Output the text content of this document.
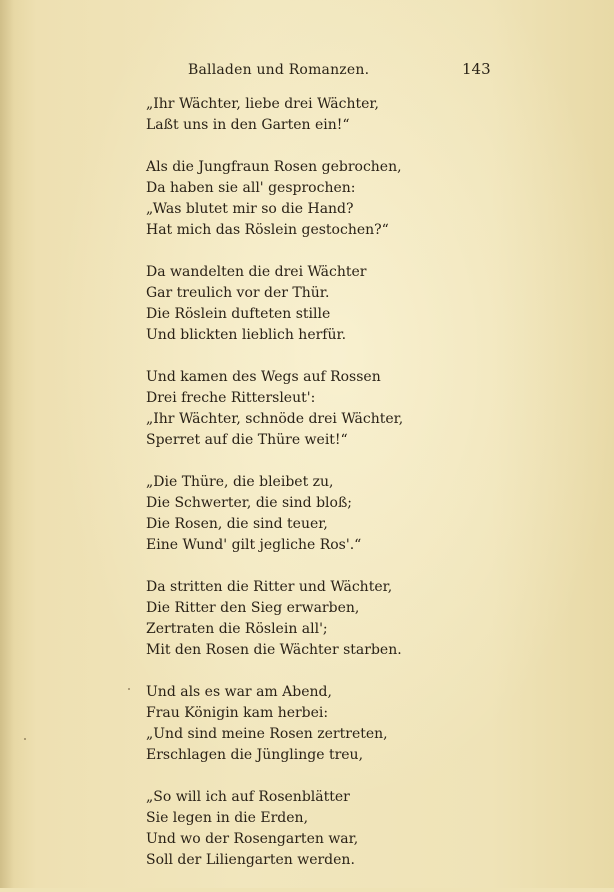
Balladen und Romanzen.	143
„Ihr Wächter, liebe drei Wächter,
Laßt uns in den Garten ein!“
Als die Jungfraun Rosen gebrochen,
Da haben sie all' gesprochen:
„Was blutet mir so die Hand?
Hat mich das Röslein gestochen?“
Da wandelten die drei Wächter
Gar treulich vor der Thür.
Die Röslein dufteten stille
Und blickten lieblich herfür.
Und kamen des Wegs auf Rossen
Drei freche Rittersleut':
„Ihr Wächter, schnöde drei Wächter,
Sperret auf die Thüre weit!“
„Die Thüre, die bleibet zu,
Die Schwerter, die sind bloß;
Die Rosen, die sind teuer,
Eine Wund' gilt jegliche Ros'.“
Da stritten die Ritter und Wächter,
Die Ritter den Sieg erwarben,
Zertraten die Röslein all';
Mit den Rosen die Wächter starben.
Und als es war am Abend,
Frau Königin kam herbei:
„Und sind meine Rosen zertreten,
Erschlagen die Jünglinge treu,
„So will ich auf Rosenblätter
Sie legen in die Erden,
Und wo der Rosengarten war,
Soll der Liliengarten werden.
